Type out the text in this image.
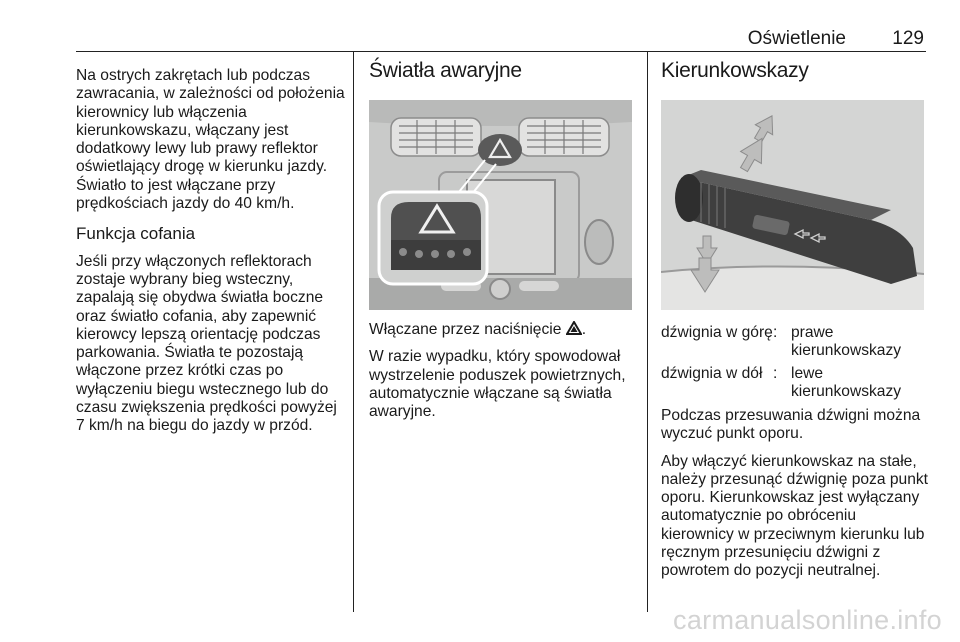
Oświetlenie 129

Na ostrych zakrętach lub podczas zawracania, w zależności od położenia kierownicy lub włączenia kierunkowskazu, włączany jest dodatkowy lewy lub prawy reflektor oświetlający drogę w kierunku jazdy. Światło to jest włączane przy prędkościach jazdy do 40 km/h.

Funkcja cofania

Jeśli przy włączonych reflektorach zostaje wybrany bieg wsteczny, zapalają się obydwa światła boczne oraz światło cofania, aby zapewnić kierowcy lepszą orientację podczas parkowania. Światła te pozostają włączone przez krótki czas po wyłączeniu biegu wstecznego lub do czasu zwiększenia prędkości powyżej 7 km/h na biegu do jazdy w przód.

Światła awaryjne

Włączane przez naciśnięcie .

W razie wypadku, który spowodował wystrzelenie poduszek powietrznych, automatycznie włączane są światła awaryjne.

Kierunkowskazy
dźwignia w górę : prawe kierunkowskazy
dźwignia w dół : lewe kierunkowskazy

Podczas przesuwania dźwigni można wyczuć punkt oporu.

Aby włączyć kierunkowskaz na stałe, należy przesunąć dźwignię poza punkt oporu. Kierunkowskaz jest wyłączany automatycznie po obróceniu kierownicy w przeciwnym kierunku lub ręcznym przesunięciu dźwigni z powrotem do pozycji neutralnej.

carmanualsonline.info
